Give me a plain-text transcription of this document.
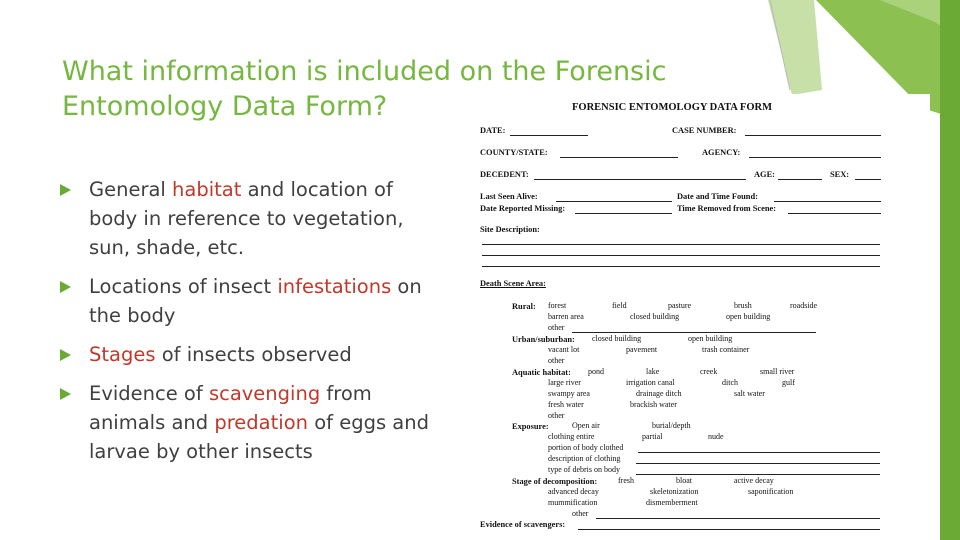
What information is included on the Forensic Entomology Data Form?
General habitat and location of body in reference to vegetation, sun, shade, etc.
Locations of insect infestations on the body
Stages of insects observed
Evidence of scavenging from animals and predation of eggs and larvae by other insects
FORENSIC ENTOMOLOGY DATA FORM
DATE:	CASE NUMBER:
COUNTY/STATE:	AGENCY:
DECEDENT:	AGE:	SEX:
Last Seen Alive:	Date and Time Found:
Date Reported Missing:	Time Removed from Scene:
Site Description:
Death Scene Area:
Rural: forest	field	pasture	brush	roadside
barren area	closed building	open building
other
Urban/suburban: closed building	open building
vacant lot	pavement	trash container
other
Aquatic habitat: pond	lake	creek	small river
large river	irrigation canal	ditch	gulf
swampy area	drainage ditch	salt water
fresh water	brackish water
other
Exposure:	Open air	burial/depth
clothing entire	partial	nude
portion of body clothed
description of clothing
type of debris on body
Stage of decomposition:	fresh	bloat	active decay
advanced decay	skeletonization	saponification
mummification	dismemberment
other
Evidence of scavengers:
